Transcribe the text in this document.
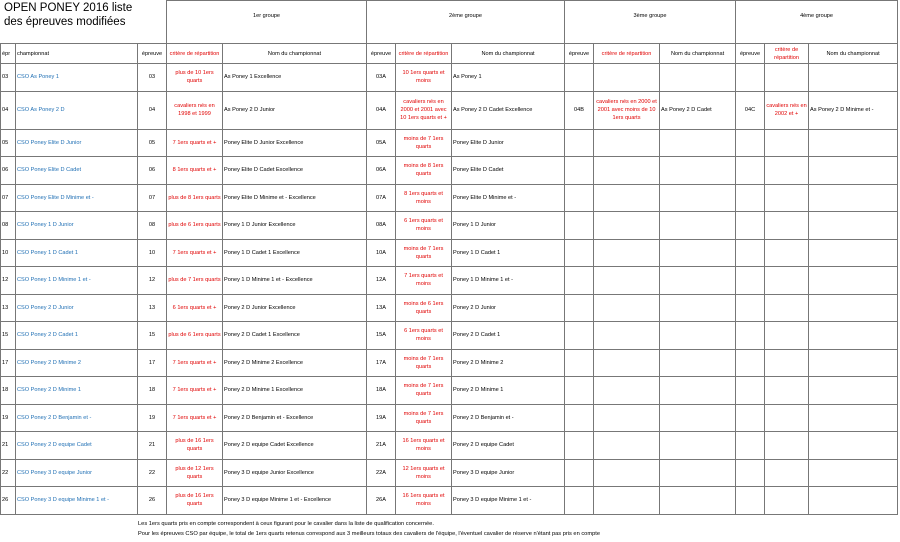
			1er groupe		2ème groupe			3ème groupe			4ème groupe		
épr	championnat	épreuve	critère de répartition	Nom du championnat	épreuve	critère de répartition	Nom du championnat	épreuve	critère de répartition	Nom du championnat	épreuve	critère de répartition	Nom du championnat
03	CSO As Poney 1	03	plus de 10 1ers quarts	As Poney 1 Excellence	03A	10 1ers quarts et moins	As Poney 1						
04	CSO As Poney 2 D	04	cavaliers nés en 1998 et 1999	As Poney 2 D Junior	04A	cavaliers nés en 2000 et 2001 avec 10 1ers quarts et +	As Poney 2 D Cadet Excellence	04B	cavaliers nés en 2000 et 2001 avec moins de 10 1ers quarts	As Poney 2 D Cadet	04C	cavaliers nés en 2002 et +	As Poney 2 D Minime et -
05	CSO Poney Elite D Junior	05	7 1ers quarts et +	Poney Elite D Junior Excellence	05A	moins de 7 1ers quarts	Poney Elite D Junior						
06	CSO Poney Elite D Cadet	06	8 1ers quarts et +	Poney Elite D Cadet Excellence	06A	moins de 8 1ers quarts	Poney Elite D Cadet						
07	CSO Poney Elite D Minime et -	07	plus de 8 1ers quarts	Poney Elite D Minime et - Excellence	07A	8 1ers quarts et moins	Poney Elite D Minime et -						
08	CSO Poney 1 D Junior	08	plus de 6 1ers quarts	Poney 1 D Junior Excellence	08A	6 1ers quarts et moins	Poney 1 D Junior						
10	CSO Poney 1 D Cadet 1	10	7 1ers quarts et +	Poney 1 D Cadet 1 Excellence	10A	moins de 7 1ers quarts	Poney 1 D Cadet 1						
12	CSO Poney 1 D Minime 1 et -	12	plus de 7 1ers quarts	Poney 1 D Minime 1 et - Excellence	12A	7 1ers quarts et moins	Poney 1 D Minime 1 et -						
13	CSO Poney 2 D Junior	13	6 1ers quarts et +	Poney 2 D Junior Excellence	13A	moins de 6 1ers quarts	Poney 2 D Junior						
15	CSO Poney 2 D Cadet 1	15	plus de 6 1ers quarts	Poney 2 D Cadet 1 Excellence	15A	6 1ers quarts et moins	Poney 2 D Cadet 1						
17	CSO Poney 2 D Minime 2	17	7 1ers quarts et +	Poney 2 D Minime 2 Excellence	17A	moins de 7 1ers quarts	Poney 2 D Minime 2						
18	CSO Poney 2 D Minime 1	18	7 1ers quarts et +	Poney 2 D Minime 1 Excellence	18A	moins de 7 1ers quarts	Poney 2 D Minime 1						
19	CSO Poney 2 D Benjamin et -	19	7 1ers quarts et +	Poney 2 D Benjamin et - Excellence	19A	moins de 7 1ers quarts	Poney 2 D Benjamin et -						
21	CSO Poney 2 D equipe Cadet	21	plus de 16 1ers quarts	Poney 2 D equipe Cadet Excellence	21A	16 1ers quarts et moins	Poney 2 D equipe Cadet						
22	CSO Poney 3 D equipe Junior	22	plus de 12 1ers quarts	Poney 3 D equipe Junior Excellence	22A	12 1ers quarts et moins	Poney 3 D equipe Junior						
26	CSO Poney 3 D equipe Minime 1 et -	26	plus de 16 1ers quarts	Poney 3 D equipe Minime 1 et - Excellence	26A	16 1ers quarts et moins	Poney 3 D equipe Minime 1 et -						
OPEN PONEY 2016 liste des épreuves modifiées
Les 1ers quarts pris en compte correspondent à ceux figurant pour le cavalier dans la liste de qualification concernée.
Pour les épreuves CSO par équipe, le total de 1ers quarts retenus correspond aux 3 meilleurs totaux des cavaliers de l'équipe, l'éventuel cavalier de réserve n'étant pas pris en compte
